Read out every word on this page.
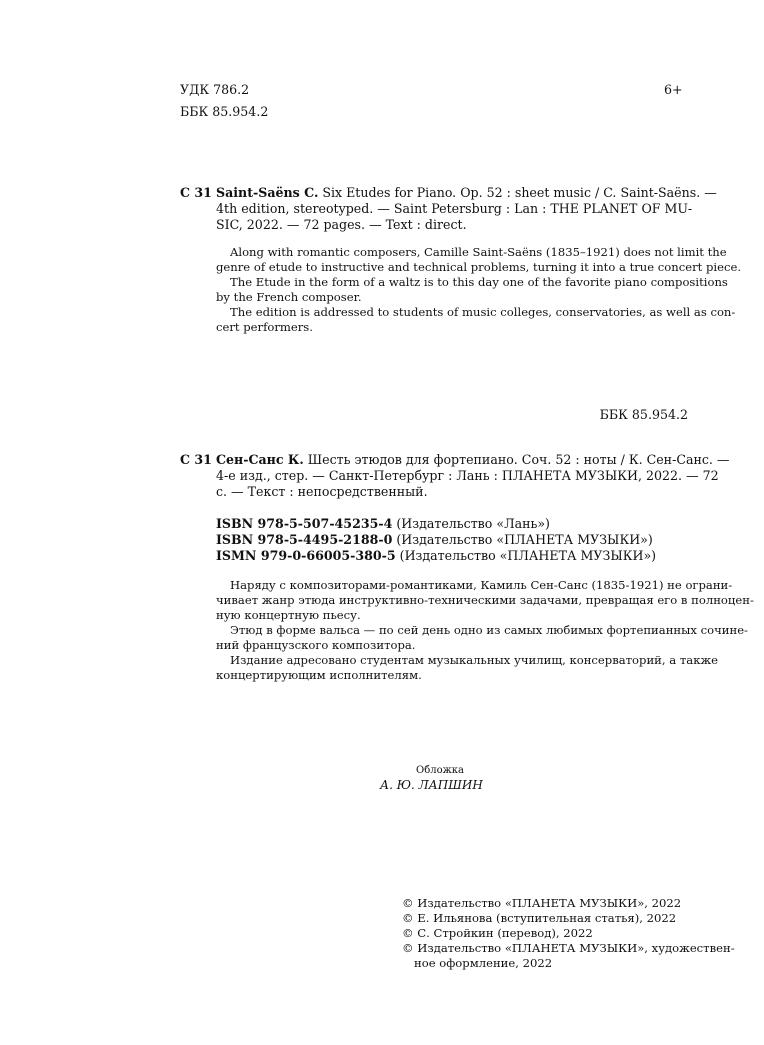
УДК 786.2
ББК 85.954.2
6+
С 31 Saint-Saëns C. Six Etudes for Piano. Op. 52 : sheet music / C. Saint-Saëns. —
4th edition, stereotyped. — Saint Petersburg : Lan : THE PLANET OF MU-
SIC, 2022. — 72 pages. — Text : direct.
Along with romantic composers, Camille Saint-Saëns (1835–1921) does not limit the
genre of etude to instructive and technical problems, turning it into a true concert piece.
The Etude in the form of a waltz is to this day one of the favorite piano compositions
by the French composer.
The edition is addressed to students of music colleges, conservatories, as well as con-
cert performers.
ББК 85.954.2
С 31 Сен-Санс К. Шесть этюдов для фортепиано. Соч. 52 : ноты / К. Сен-Санс. —
4-е изд., стер. — Санкт-Петербург : Лань : ПЛАНЕТА МУЗЫКИ, 2022. — 72
с. — Текст : непосредственный.
ISBN 978-5-507-45235-4 (Издательство «Лань»)
ISBN 978-5-4495-2188-0 (Издательство «ПЛАНЕТА МУЗЫКИ»)
ISMN 979-0-66005-380-5 (Издательство «ПЛАНЕТА МУЗЫКИ»)
Наряду с композиторами-романтиками, Камиль Сен-Санс (1835-1921) не ограни-
чивает жанр этюда инструктивно-техническими задачами, превращая его в полноцен-
ную концертную пьесу.
Этюд в форме вальса — по сей день одно из самых любимых фортепианных сочине-
ний французского композитора.
Издание адресовано студентам музыкальных училищ, консерваторий, а также
концертирующим исполнителям.
Обложка
А. Ю. ЛАПШИН
© Издательство «ПЛАНЕТА МУЗЫКИ», 2022
© Е. Ильянова (вступительная статья), 2022
© С. Стройкин (перевод), 2022
© Издательство «ПЛАНЕТА МУЗЫКИ», художествен-
ное оформление, 2022
